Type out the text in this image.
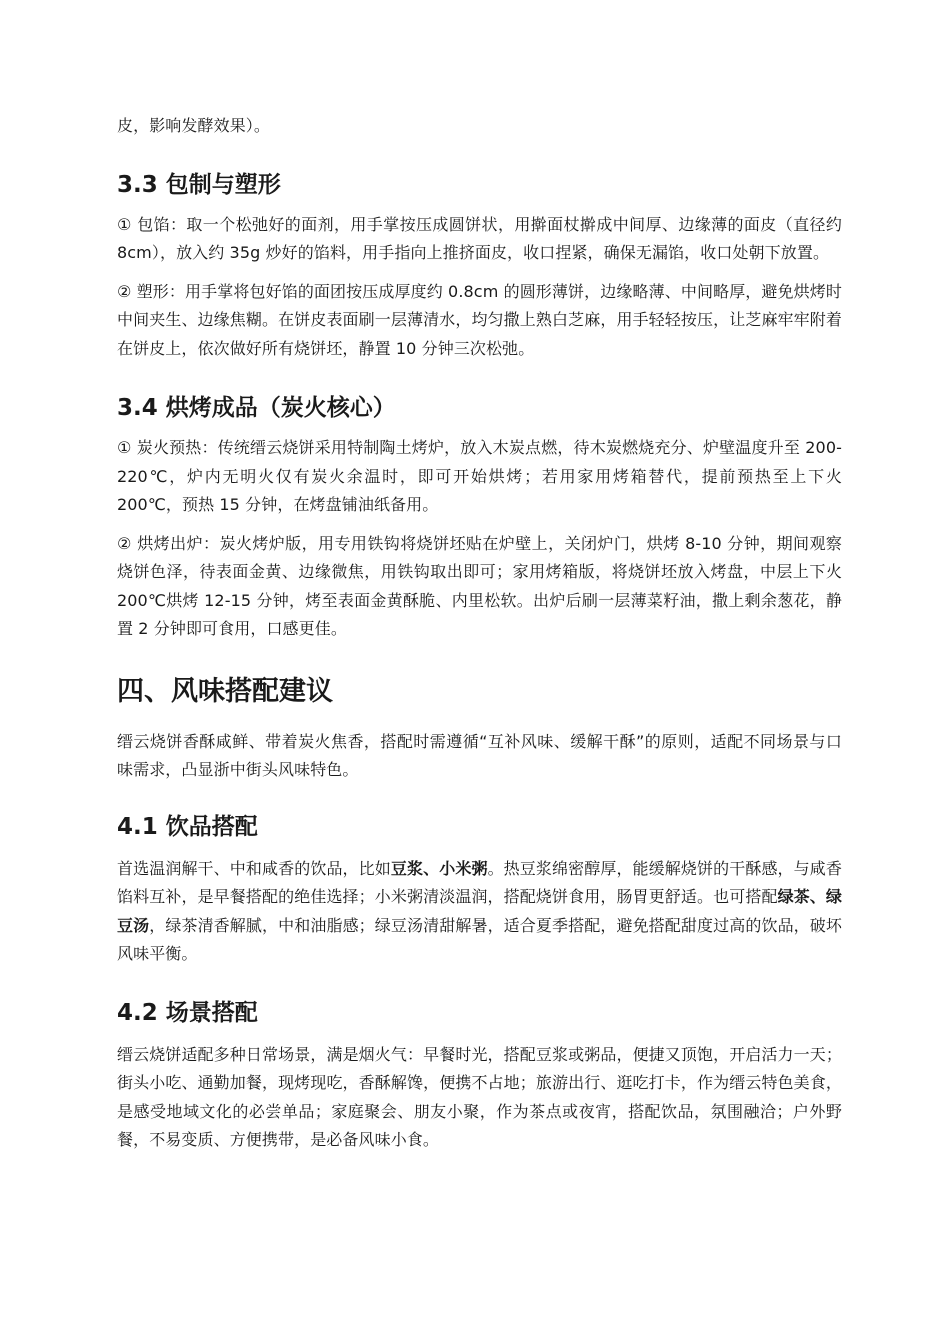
皮，影响发酵效果）。

3.3 包制与塑形

① 包馅：取一个松弛好的面剂，用手掌按压成圆饼状，用擀面杖擀成中间厚、边缘薄的面皮（直径约 8cm），放入约 35g 炒好的馅料，用手指向上推挤面皮，收口捏紧，确保无漏馅，收口处朝下放置。

② 塑形：用手掌将包好馅的面团按压成厚度约 0.8cm 的圆形薄饼，边缘略薄、中间略厚，避免烘烤时中间夹生、边缘焦糊。在饼皮表面刷一层薄清水，均匀撒上熟白芝麻，用手轻轻按压，让芝麻牢牢附着在饼皮上，依次做好所有烧饼坯，静置 10 分钟三次松弛。

3.4 烘烤成品（炭火核心）

① 炭火预热：传统缙云烧饼采用特制陶土烤炉，放入木炭点燃，待木炭燃烧充分、炉壁温度升至 200-220℃，炉内无明火仅有炭火余温时，即可开始烘烤；若用家用烤箱替代，提前预热至上下火 200℃，预热 15 分钟，在烤盘铺油纸备用。

② 烘烤出炉：炭火烤炉版，用专用铁钩将烧饼坯贴在炉壁上，关闭炉门，烘烤 8-10 分钟，期间观察烧饼色泽，待表面金黄、边缘微焦，用铁钩取出即可；家用烤箱版，将烧饼坯放入烤盘，中层上下火 200℃烘烤 12-15 分钟，烤至表面金黄酥脆、内里松软。出炉后刷一层薄菜籽油，撒上剩余葱花，静置 2 分钟即可食用，口感更佳。

四、风味搭配建议

缙云烧饼香酥咸鲜、带着炭火焦香，搭配时需遵循“互补风味、缓解干酥”的原则，适配不同场景与口味需求，凸显浙中街头风味特色。

4.1 饮品搭配

首选温润解干、中和咸香的饮品，比如豆浆、小米粥。热豆浆绵密醇厚，能缓解烧饼的干酥感，与咸香馅料互补，是早餐搭配的绝佳选择；小米粥清淡温润，搭配烧饼食用，肠胃更舒适。也可搭配绿茶、绿豆汤，绿茶清香解腻，中和油脂感；绿豆汤清甜解暑，适合夏季搭配，避免搭配甜度过高的饮品，破坏风味平衡。

4.2 场景搭配

缙云烧饼适配多种日常场景，满是烟火气：早餐时光，搭配豆浆或粥品，便捷又顶饱，开启活力一天；街头小吃、通勤加餐，现烤现吃，香酥解馋，便携不占地；旅游出行、逛吃打卡，作为缙云特色美食，是感受地域文化的必尝单品；家庭聚会、朋友小聚，作为茶点或夜宵，搭配饮品，氛围融洽；户外野餐，不易变质、方便携带，是必备风味小食。
